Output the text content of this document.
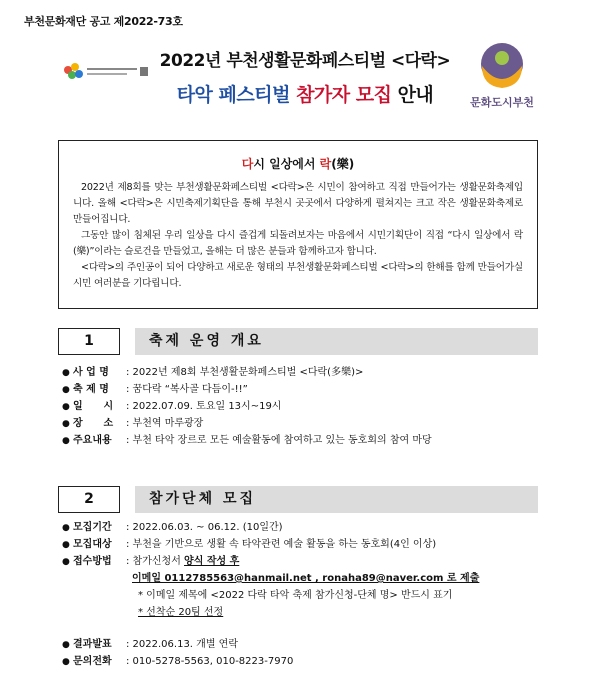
부천문화재단 공고 제2022-73호
2022년 부천생활문화페스티벌 <다락>
타악 페스티벌 참가자 모집 안내	문화도시부천
다시 일상에서 락(樂)

2022년 제8회를 맞는 부천생활문화페스티벌 <다락>은 시민이 참여하고 직접 만들어가는 생활문화축제입니다. 올해 <다락>은 시민축제기획단을 통해 부천시 곳곳에서 다양하게 펼쳐지는 크고 작은 생활문화축제로 만들어집니다.

그동안 많이 침체된 우리 일상을 다시 즐겁게 되돌려보자는 마음에서 시민기획단이 직접 “다시 일상에서 락(樂)”이라는 슬로건을 만들었고, 올해는 더 많은 분들과 함께하고자 합니다.

<다락>의 주인공이 되어 다양하고 새로운 형태의 부천생활문화페스티벌 <다락>의 한해를 함께 만들어가실 시민 여러분을 기다립니다.

1	축제 운영 개요
● 사 업 명 : 2022년 제8회 부천생활문화페스티벌 <다락(多樂)>
● 축 제 명 : 꿈다락 “복사골 다듬이-!!”
● 일      시 : 2022.07.09. 토요일 13시~19시
● 장      소 : 부천역 마루광장
● 주요내용 : 부천 타악 장르로 모든 예술활동에 참여하고 있는 동호회의 참여 마당
2	참가단체 모집
● 모집기간 : 2022.06.03. ~ 06.12. (10일간)
● 모집대상 : 부천을 기반으로 생활 속 타악관련 예술 활동을 하는 동호회(4인 이상)
● 접수방법 : 참가신청서 양식 작성 후
이메일 0112785563@hanmail.net , ronaha89@naver.com 로 제출
* 이메일 제목에 <2022 다락 타악 축제 참가신청-단체 명> 반드시 표기
* 선착순 20팀 선정
● 결과발표 : 2022.06.13. 개별 연락
● 문의전화 : 010-5278-5563, 010-8223-7970
